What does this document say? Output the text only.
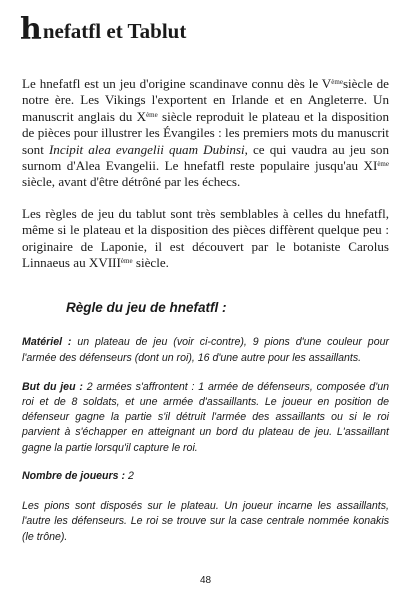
h nefatfl et Tablut

Le hnefatfl est un jeu d'origine scandinave connu dès le Vèmesiècle de notre ère. Les Vikings l'exportent en Irlande et en Angleterre. Un manuscrit anglais du Xème siècle reproduit le plateau et la disposition de pièces pour illustrer les Évangiles : les premiers mots du manuscrit sont Incipit alea evangelii quam Dubinsi, ce qui vaudra au jeu son surnom d'Alea Evangelii. Le hnefatfl reste populaire jusqu'au XIème siècle, avant d'être détrôné par les échecs.

Les règles de jeu du tablut sont très semblables à celles du hnefatfl, même si le plateau et la disposition des pièces diffèrent quelque peu : originaire de Laponie, il est découvert par le botaniste Carolus Linnaeus au XVIIIème siècle.

Règle du jeu de hnefatfl :

Matériel : un plateau de jeu (voir ci-contre), 9 pions d'une couleur pour l'armée des défenseurs (dont un roi), 16 d'une autre pour les assaillants.

But du jeu : 2 armées s'affrontent : 1 armée de défenseurs, composée d'un roi et de 8 soldats, et une armée d'assaillants. Le joueur en position de défenseur gagne la partie s'il détruit l'armée des assaillants ou si le roi parvient à s'échapper en atteignant un bord du plateau de jeu. L'assaillant gagne la partie lorsqu'il capture le roi.

Nombre de joueurs : 2

Les pions sont disposés sur le plateau. Un joueur incarne les assaillants, l'autre les défenseurs. Le roi se trouve sur la case centrale nommée konakis (le trône).

48
